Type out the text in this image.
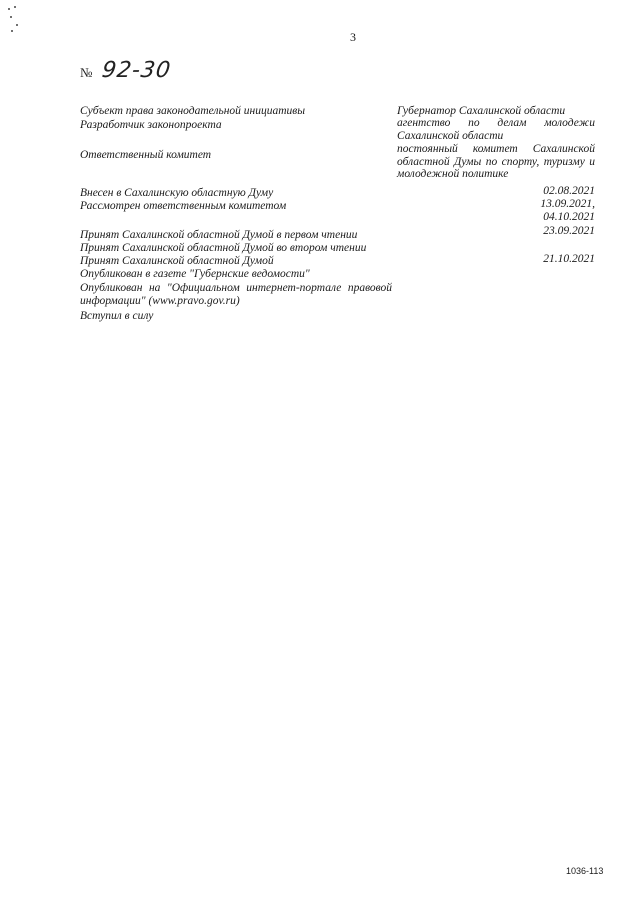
3
№ 92-30
Субъект права законодательной инициативы	Губернатор Сахалинской области
Разработчик законопроекта	агентство по делам молодежи Сахалинской области
Ответственный комитет	постоянный комитет Сахалинской областной Думы по спорту, туризму и молодежной политике
Внесен в Сахалинскую областную Думу	02.08.2021
Рассмотрен ответственным комитетом	13.09.2021,
04.10.2021
Принят Сахалинской областной Думой в первом чтении	23.09.2021
Принят Сахалинской областной Думой во втором чтении
Принят Сахалинской областной Думой	21.10.2021
Опубликован в газете "Губернские ведомости"
Опубликован на "Официальном интернет-портале правовой информации" (www.pravo.gov.ru)
Вступил в силу
1036-113
